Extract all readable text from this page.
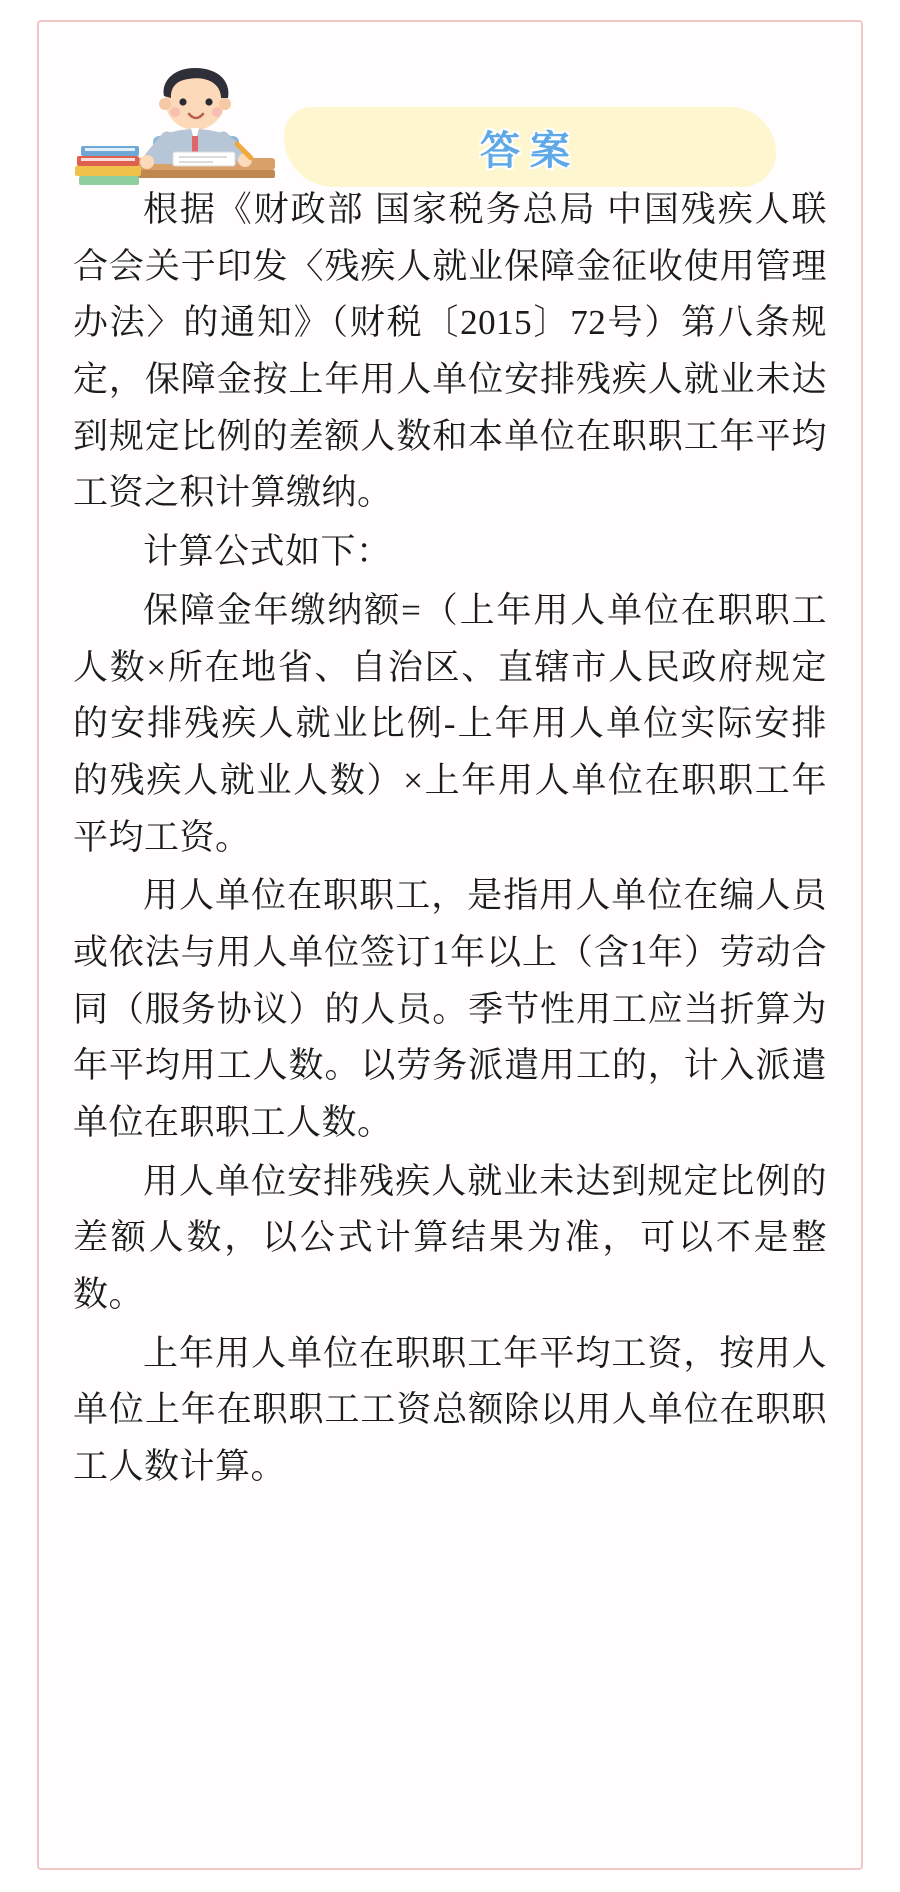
答案

根据《财政部 国家税务总局 中国残疾人联合会关于印发〈残疾人就业保障金征收使用管理办法〉的通知》（财税〔2015〕72号）第八条规定，保障金按上年用人单位安排残疾人就业未达到规定比例的差额人数和本单位在职职工年平均工资之积计算缴纳。

计算公式如下：

保障金年缴纳额=（上年用人单位在职职工人数×所在地省、自治区、直辖市人民政府规定的安排残疾人就业比例-上年用人单位实际安排的残疾人就业人数）×上年用人单位在职职工年平均工资。

用人单位在职职工，是指用人单位在编人员或依法与用人单位签订1年以上（含1年）劳动合同（服务协议）的人员。季节性用工应当折算为年平均用工人数。以劳务派遣用工的，计入派遣单位在职职工人数。

用人单位安排残疾人就业未达到规定比例的差额人数，以公式计算结果为准，可以不是整数。

上年用人单位在职职工年平均工资，按用人单位上年在职职工工资总额除以用人单位在职职工人数计算。
